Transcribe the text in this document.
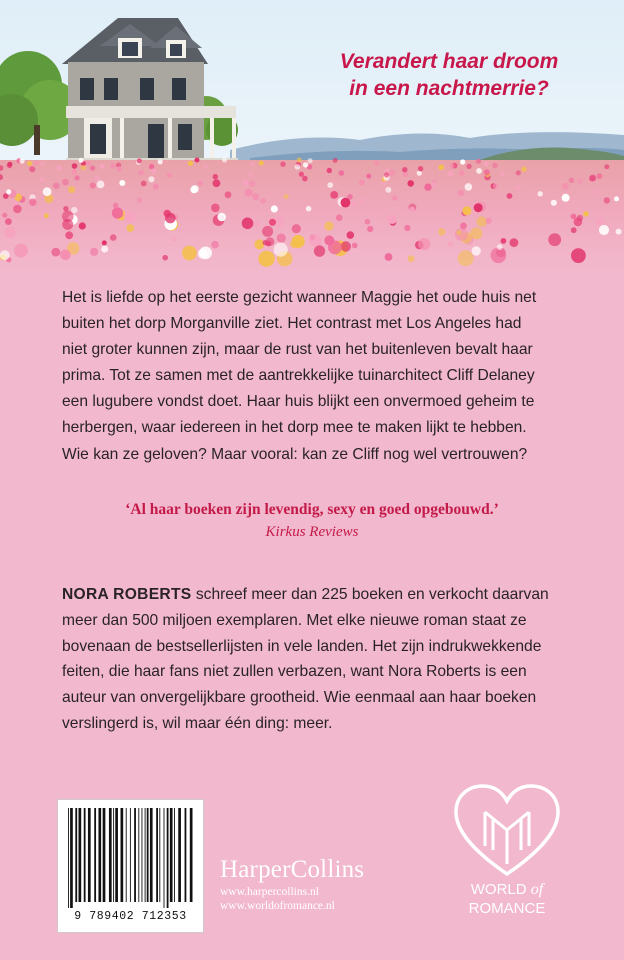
Verandert haar droom
in een nachtmerrie?
Het is liefde op het eerste gezicht wanneer Maggie het oude huis net
buiten het dorp Morganville ziet. Het contrast met Los Angeles had
niet groter kunnen zijn, maar de rust van het buitenleven bevalt haar
prima. Tot ze samen met de aantrekkelijke tuinarchitect Cliff Delaney
een lugubere vondst doet. Haar huis blijkt een onvermoed geheim te
herbergen, waar iedereen in het dorp mee te maken lijkt te hebben.
Wie kan ze geloven? Maar vooral: kan ze Cliff nog wel vertrouwen?
‘Al haar boeken zijn levendig, sexy en goed opgebouwd.’
Kirkus Reviews
NORA ROBERTS schreef meer dan 225 boeken en verkocht daarvan
meer dan 500 miljoen exemplaren. Met elke nieuwe roman staat ze
bovenaan de bestsellerlijsten in vele landen. Het zijn indrukwekkende
feiten, die haar fans niet zullen verbazen, want Nora Roberts is een
auteur van onvergelijkbare grootheid. Wie eenmaal aan haar boeken
verslingerd is, wil maar één ding: meer.
9 789402 712353
HarperCollins
www.harpercollins.nl
www.worldofromance.nl
WORLD of
ROMANCE
